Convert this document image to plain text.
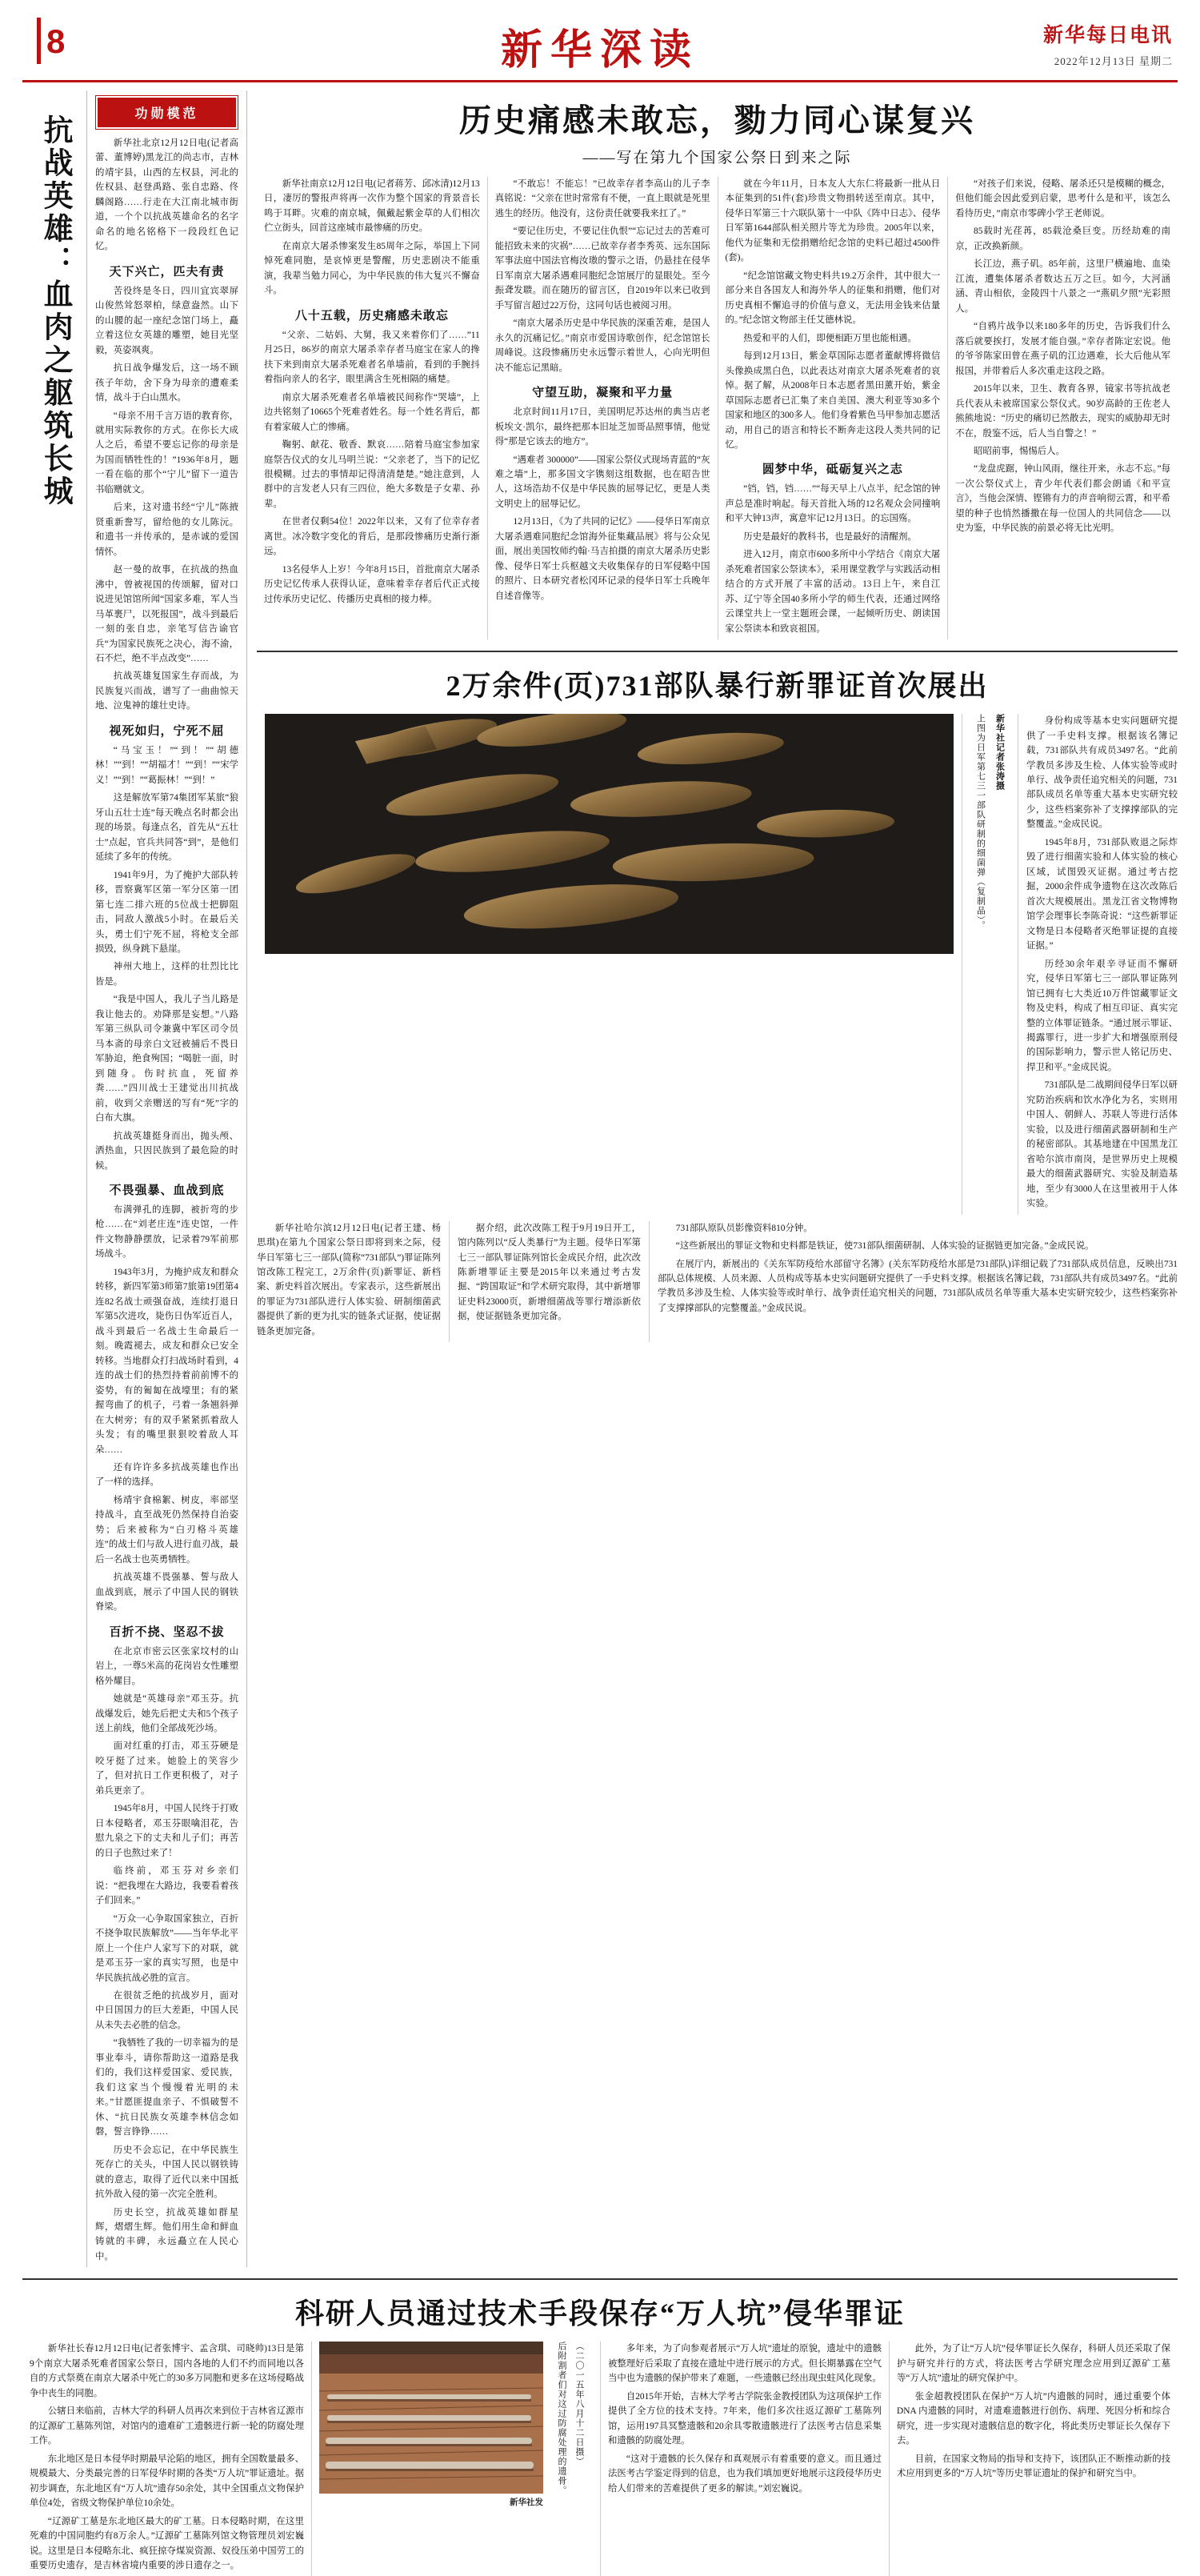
8	新华深读	新华每日电讯
2022年12月13日 星期二
抗战英雄：血肉之躯筑长城
功勋模范

新华社北京12月12日电(记者高蕾、董博婷)黑龙江的尚志市，吉林的靖宇县，山西的左权县，河北的佐权县、赵登禹路、张自忠路、佟麟阁路……行走在大江南北城市街道，一个个以抗战英雄命名的名字命名的地名铭格下一段段红色记忆。

天下兴亡，匹夫有责

苦役终是冬日，四川宜宾翠屏山俊然耸怒翠柏，绿意盎然。山下的山腰的起一座纪念馆门场上，矗立着这位女英雄的雕塑，她目光坚毅，英姿飒爽。

抗日战争爆发后，这一场不顾孩子年幼，舍下身为母亲的遭难柔情，战斗于白山黑水。

“母亲不用千言万语的教育你，就用实际教你的方式。在你长大成人之后，希望不要忘记你的母亲是为国而牺牲性的！”1936年8月，题一看在临的那个“宁儿”留下一道告书临赠就文。

后来，这对遗书经“宁儿”陈掖贤重新誊写，留给他的女儿陈沅。和遗书一并传承的，是赤诚的爱国情怀。

赵一曼的故事，在抗战的热血沸中，曾被视国的传颂解，留对口说进见馆馆所闻“国家多难，军人当马革裹尸，以死报国”，战斗到最后一刻的张自忠，亲笔写信告谕官兵“为国家民族死之决心，海不渝，石不烂，绝不半点改变”……

抗战英雄复国家生存而战，为民族复兴而战，谱写了一曲曲惊天地、泣鬼神的雄壮史诗。

视死如归，宁死不屈

“马宝玉！”“到！”“胡德林！”“到！”“胡福才！”“到！”“宋学义！”“到！”“葛振林！”“到！”

这是解放军第74集团军某旅“狼牙山五壮士连”每天晚点名时都会出现的场景。每逢点名，首先从“五壮士”点起，官兵共同答“到”，是他们延续了多年的传统。

1941年9月，为了掩护大部队转移，晋察冀军区第一军分区第一团第七连二排六班的5位战士把脚阻击，同敌人激战5小时。在最后关头，勇士们宁死不屈，将枪支全部损毁，纵身跳下悬崖。

神州大地上，这样的壮烈比比皆是。

“我是中国人，我儿子当儿路是我让他去的。劝降那是妄想。”八路军第三纵队司令兼冀中军区司令员马本斋的母亲白文冠被捕后不畏日军胁迫，绝食殉国；“喝脏一面，时到随身。伤时抗血，死留养粪……”四川战士王建觉出川抗战前，收到父亲赠送的写有“死”字的白布大旗。

抗战英雄挺身而出，抛头颅、洒热血，只因民族到了最危险的时候。

不畏强暴、血战到底

布满弹孔的连脚，被折弯的步枪……在“刘老庄连”连史馆，一件件文物静静摆放，记录着79军前那场战斗。

1943年3月，为掩护成友和群众转移，新四军第3师第7旅第19团第4连82名战士顽强奋战，连续打退日军第5次进攻，毙伤日伪军近百人，战斗到最后一名战士生命最后一刻。晚霞褪去，成友和群众已安全转移。当地群众打扫战场时看到，4连的战士们的热烈持着前前博不的姿势，有的匍匐在战壕里；有的紧握弯曲了的机子，弓着一条翘斜弹在大树旁；有的双手紧紧抓着敌人头发；有的嘴里狠狠咬着敌人耳朵……

还有许许多多抗战英雄也作出了一样的选择。

杨靖宇食棉絮、树皮，率部坚持战斗，直至战死仍然保持自治姿势；后来被称为“白刃格斗英雄连”的战士们与敌人进行血刃战，最后一名战士也英勇牺牲。

抗战英雄不畏强暴、誓与敌人血战到底，展示了中国人民的钢铁脊梁。

百折不挠、坚忍不拔

在北京市密云区张家坟村的山岩上，一尊5米高的花岗岩女性雕塑格外耀目。

她就是“英雄母亲”邓玉芬。抗战爆发后，她先后把丈夫和5个孩子送上前线，他们全部战死沙场。

面对红重的打击，邓玉芬硬是咬牙挺了过来。她脸上的笑容少了，但对抗日工作更积极了，对子弟兵更亲了。

1945年8月，中国人民终于打败日本侵略者，邓玉芬眼噙泪花，告慰九泉之下的丈夫和儿子们；再苦的日子也熬过来了！

临终前，邓玉芬对乡亲们说：“把我埋在大路边，我要看着孩子们回来。”

“万众一心争取国家独立，百折不挠争取民族解放”——当年华北平原上一个住户人家写下的对联，就是邓玉芬一家的真实写照，也是中华民族抗战必胜的宣言。

在很贫乏绝的抗战岁月，面对中日国国力的巨大差距，中国人民从未失去必胜的信念。

“我牺牲了我的一切幸福为的是事业奉斗，请你帮助这一道路是我们的，我们这样爱国家、爱民族，我们这家当个慢慢着光明的未来。”甘愿匪提血亲子、不惧破誓不休、“抗日民族女英雄李林信念如磐，誓言铮铮……

历史不会忘记，在中华民族生死存亡的关头，中国人民以钢铁铸就的意志，取得了近代以来中国抵抗外敌入侵的第一次完全胜利。

历史长空，抗战英雄如群星辉，熠熠生辉。他们用生命和鲜血铸就的丰碑，永远矗立在人民心中。

历史痛感未敢忘，勠力同心谋复兴
——写在第九个国家公祭日到来之际

新华社南京12月12日电(记者蒋芳、邱冰清)12月13日，凄厉的警报声将再一次作为整个国家的背景音长鸣于耳畔。灾难的南京城，佩戴起紫金草的人们相次伫立街头，回首这座城市最惨痛的历史。

在南京大屠杀惨案发生85周年之际，举国上下同悼死难同胞，是哀悼更是警醒，历史悲剧决不能重演，我辈当勉力同心，为中华民族的伟大复兴不懈奋斗。

八十五载，历史痛感未敢忘

“父亲、二姑妈、大舅，我又来着你们了……”11月25日，86岁的南京大屠杀幸存者马庭宝在家人的搀扶下来到南京大屠杀死难者名单墙前，看到的手腕抖着指向亲人的名字，眼里满含生死相隔的痛楚。

南京大屠杀死难者名单墙被民间称作“哭墙”，上边共铭刻了10665个死难者姓名。每一个姓名背后，都有着家破人亡的惨痛。

鞠躬、献花、敬香、默哀……陪着马庭宝参加家庭祭告仪式的女儿马明兰说：“父亲老了，当下的记忆很模糊。过去的事情却记得清清楚楚。”她注意到，人群中的言发老人只有三四位，绝大多数是子女辈、孙辈。

在世者仅剩54位！2022年以来，又有了位幸存者离世。冰冷数字变化的背后，是那段惨痛历史渐行渐远。

13名侵华人上岁！今年8月15日，首批南京大屠杀历史记忆传承人获得认证，意味着幸存者后代正式接过传承历史记忆、传播历史真相的接力棒。

“不敢忘！不能忘！”已故幸存者李高山的儿子李真铭说：“父亲在世时常常有不便，一直上眼就是死里逃生的经历。他没有，这份责任就要我来扛了。”

“要记住历史，不要记住仇恨”“忘记过去的苦难可能招致未来的灾祸”……已故幸存者李秀英、远东国际军事法庭中国法官梅汝璈的警示之语，仍悬挂在侵华日军南京大屠杀遇难同胞纪念馆展厅的显眼处。至今振聋发聩。而在随历的留言区，自2019年以来已收到手写留言超过22万份，这同句话也被阅习用。

“南京大屠杀历史是中华民族的深重苦难，是国人永久的沉痛记忆。”南京市爱国诗歌创作，纪念馆馆长周峰说。这段惨痛历史永远警示着世人，心向光明但决不能忘记黑暗。

守望互助，凝聚和平力量

北京时间11月17日，美国明尼苏达州的典当店老板埃文·凯尔，最终把那本旧址芝加哥品照事情，他觉得“那是它该去的地方”。

“遇难者 300000”——国家公祭仪式现场青蓝的“灰难之墙”上，那多国文字镌刻这组数据，也在昭告世人，这场浩劫不仅是中华民族的屈辱记忆，更是人类文明史上的屈辱记忆。

12月13日，《为了共同的记忆》——侵华日军南京大屠杀遇难同胞纪念馆海外征集藏品展》将与公众见面，展出美国牧师约翰·马吉拍摄的南京大屠杀历史影像、侵华日军士兵枢越文夫收集保存的日军侵略中国的照片、日本研究者松冈环记录的侵华日军士兵晚年自述音像等。

就在今年11月，日本友人大东仁将最新一批从日本征集到的51件(套)珍贵文物捐转送至南京。其中，侵华日军第三十六联队第十一中队《阵中日志》、侵华日军第1644部队相关照片等尤为珍贵。2005年以来，他代为征集和无偿捐赠给纪念馆的史料已超过4500件(套)。

“纪念馆馆藏文物史料共19.2万余件，其中很大一部分来自各国友人和海外华人的征集和捐赠，他们对历史真相不懈追寻的价值与意义，无法用金钱来估量的。”纪念馆文物部主任艾德林说。

热爱和平的人们，即便相距万里也能相遇。

每到12月13日，紫金草国际志愿者董献博将微信头像换成黑白色，以此表达对南京大屠杀死难者的哀悼。据了解，从2008年日本志愿者黑田薰开始，紫金草国际志愿者已汇集了来自美国、澳大利亚等30多个国家和地区的300多人。他们身着紫色马甲参加志愿活动，用自己的语言和特长不断奔走这段人类共同的记忆。

圆梦中华，砥砺复兴之志

“铛，铛，铛……”“每天早上八点半，纪念馆的钟声总是准时响起。每天首批入场的12名观众会同撞响和平大钟13声，寓意牢记12月13日。的忘国殇。

历史是最好的教科书，也是最好的清醒剂。

进入12月，南京市600多所中小学结合《南京大屠杀死难者国家公祭读本》，采用课堂教学与实践活动相结合的方式开展了丰富的活动。13日上午，来自江苏、辽宁等全国40多所小学的师生代表，还通过网络云课堂共上一堂主题班会课，一起倾听历史、朗读国家公祭读本和致哀祖国。

“对孩子们来说，侵略、屠杀还只是模糊的概念，但他们能会因此爱到启蒙，思考什么是和平，该怎么看待历史，”南京市零碑小学王老师说。

85载时光荏苒，85载沧桑巨变。历经劫难的南京，正改换新颜。

长江边，燕子矶。85年前，这里尸横遍地、血染江流，遭集体屠杀者数达五万之巨。如今，大河涵涵、青山相依，金陵四十八景之一“燕矶夕照”光彩照人。

“自鸦片战争以来180多年的历史，告诉我们什么落后就要挨打，发展才能自强。”幸存者陈定宏说。他的爷爷陈家田曾在燕子矶的江边遇难，长大后他从军报国，并带着后人多次重走这段之路。

2015年以来，卫生、教育各界，镜家书等抗战老兵代表从未被席国家公祭仪式。90岁高龄的王佐老人熊熊地说：“历史的痛切已然散去，现实的威胁却无时不在，殷鉴不远，后人当自警之！”

昭昭前事，惕惕后人。

“龙盘虎踞，钟山风雨，继往开来，永志不忘。”每一次公祭仪式上，青少年代表们都会朗诵《和平宣言》，当他会深情、铿锵有力的声音响彻云霄，和平希望的种子也悄然播撒在每一位国人的共同信念——以史为鉴，中华民族的前景必将无比光明。

2万余件(页)731部队暴行新罪证首次展出
上图为日军第七三一部队研制的细菌弹（复制品）。 新华社记者张涛摄	身份构成等基本史实问题研究提供了一手史料支撑。根据该名簿记载，731部队共有成员3497名。“此前学教员多涉及生检、人体实验等或时单行、战争责任追究相关的问题，731部队成员名单等重大基本史实研究较少，这些档案弥补了支撑撑部队的完整覆盖。”金成民说。

1945年8月，731部队败退之际炸毁了进行细菌实验和人体实验的核心区域，试图毁灭证据。通过考古挖掘，2000余件成争遗物在这次改陈后首次大规模展出。黑龙江省文物博物馆学会理事长李陈奇说：“这些新罪证文物是日本侵略者灭绝罪证提的直接证据。”

历经30余年艰辛寻证而不懈研究，侵华日军第七三一部队罪证陈列馆已拥有七大类近10万件馆藏罪证文物及史料，构成了相互印证、真实完整的立体罪证链条。“通过展示罪证、揭露罪行，进一步扩大和增强原刑侵的国际影响力，警示世人铭记历史、捍卫和平。”金成民说。

731部队是二战期间侵华日军以研究防治疾病和饮水净化为名，实则用中国人、朝鲜人、苏联人等进行活体实验，以及进行细菌武器研制和生产的秘密部队。其基地建在中国黑龙江省哈尔滨市南岗，是世界历史上规模最大的细菌武器研究、实验及制造基地，至少有3000人在这里被用于人体实验。

新华社哈尔滨12月12日电(记者王建、杨思琪)在第九个国家公祭日即将到来之际，侵华日军第七三一部队(简称“731部队”)罪证陈列馆改陈工程完工，2万余件(页)新罪证、新档案、新史料首次展出。专家表示，这些新展出的罪证为731部队进行人体实验、研制细菌武器提供了新的更为扎实的链条式证据，使证据链条更加完备。

据介绍，此次改陈工程于9月19日开工，馆内陈列以“反人类暴行”为主题。侵华日军第七三一部队罪证陈列馆长金成民介绍，此次改陈新增罪证主要是2015年以来通过考古发掘、“跨国取证”和学术研究取得，其中新增罪证史料23000页，新增细菌战等罪行增添新依据，使证据链条更加完备。

731部队原队员影像资料810分钟。

“这些新展出的罪证文物和史料都是铁证，使731部队细菌研制、人体实验的证据链更加完备。”金成民说。

在展厅内，新展出的《关东军防疫给水部留守名簿》(关东军防疫给水部是731部队)详细记载了731部队成员信息，反映出731部队总体规模、人员来源、人员构成等基本史实问题研究提供了一手史料支撑。根据该名簿记载，731部队共有成员3497名。“此前学教员多涉及生检、人体实验等或时单行、战争责任追究相关的问题，731部队成员名单等重大基本史实研究较少，这些档案弥补了支撑撑部队的完整覆盖。”金成民说。

科研人员通过技术手段保存“万人坑”侵华罪证

新华社长春12月12日电(记者张博宇、孟含琪、司晓帅)13日是第9个南京大屠杀死难者国家公祭日，国内各地的人们不约而同地以各自的方式祭奠在南京大屠杀中死亡的30多万同胞和更多在这场侵略战争中丧生的同胞。

公辖日来临前，吉林大学的科研人员再次来到位于吉林省辽源市的辽源矿工墓陈列馆，对馆内的遗难矿工遗骸进行新一轮的防腐处理工作。

东北地区是日本侵华时期最早沦陷的地区，拥有全国数量最多、规模最大、分类最完善的日军侵华时期的各类“万人坑”罪证遗址。据初步调查，东北地区有“万人坑”遗存50余处，其中全国重点文物保护单位4处，省级文物保护单位10余处。

“辽源矿工墓是东北地区最大的矿工墓。日本侵略时期，在这里死难的中国同胞约有8万余人。”辽源矿工墓陈列馆文物管理员刘宏巍说。这里是日本侵略东北、疯狂掠夺煤炭资源、奴役压弟中国劳工的重要历史遗存，是吉林省境内重要的涉日遗存之一。

新华社发
后附割者们对这过防腐处理的遗骨。 （二〇一五年八月十二日摄）	多年来，为了向参观者展示“万人坑”遗址的原貌，遗址中的遗骸被整理好后采取了直接在遗址中进行展示的方式。但长期暴露在空气当中也为遗骸的保护带来了难题，一些遗骸已经出现虫蛀风化现象。

自2015年开始，吉林大学考古学院张金教授团队为这项保护工作提供了全方位的技术支持。7年来，他们多次往返辽源矿工墓陈列馆，运用197具冥整遗骸和20余具零散遗骸进行了法医考古信息采集和遗骸的防腐处理。

“这对于遗骸的长久保存和真观展示有着重要的意义。而且通过法医考古学鉴定得到的信息，也为我们填加更好地展示这段侵华历史给人们带来的苦难提供了更多的解读。”刘宏巍说。

此外，为了让“万人坑”侵华罪证长久保存，科研人员还采取了保护与研究并行的方式，将法医考古学研究理念应用到辽源矿工墓等“万人坑”遗址的研究保护中。

张金超教授团队在保护“万人坑”内遗骸的同时，通过重要个体DNA 内遗骸的同时，对遗难遗骸进行创伤、病理、死因分析和综合研究，进一步实现对遗骸信息的数字化，将此类历史罪证长久保存下去。

目前，在国家文物局的指导和支持下，该团队正不断推动新的技术应用到更多的“万人坑”等历史罪证遗址的保护和研究当中。
